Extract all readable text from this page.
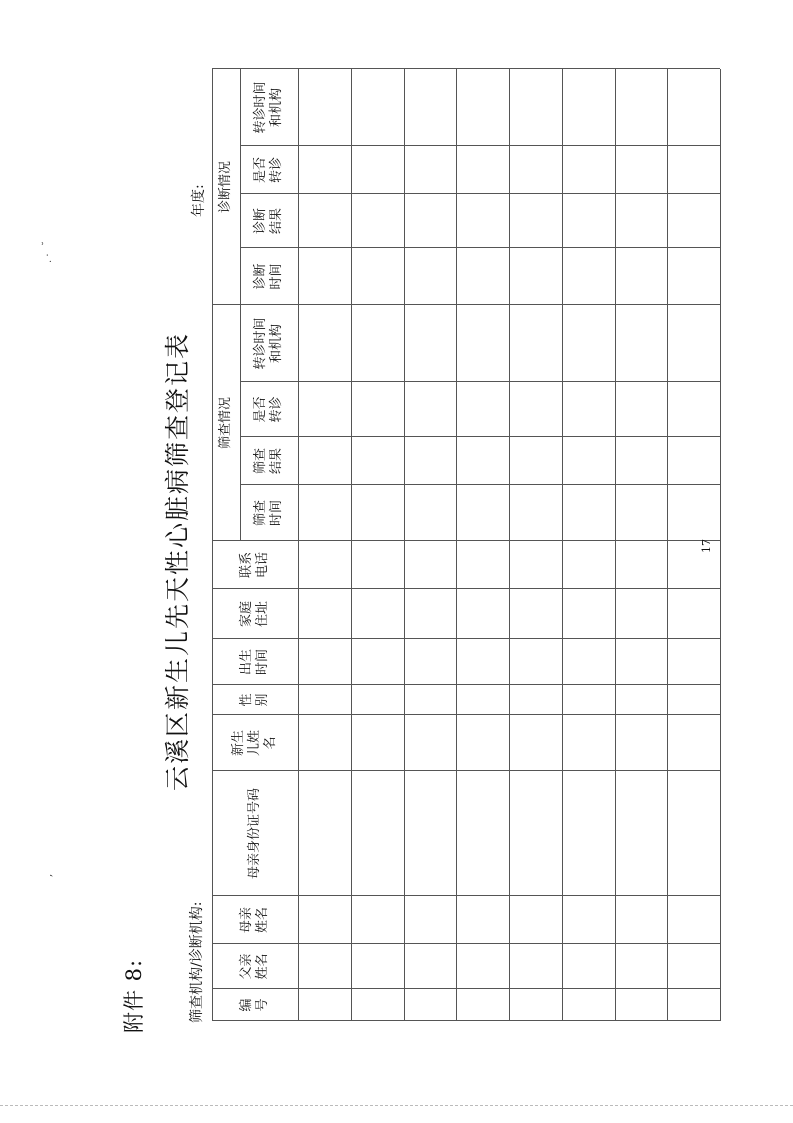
附件 8:
云溪区新生儿先天性心脏病筛查登记表
筛查机构/诊断机构:
年度:
编
号
父亲
姓名
母亲
姓名
母亲身份证号码
新生
儿姓
名
性
别
出生
时间
家庭
住址
联系
电话
筛查情况
筛查
时间
筛查
结果
是否
转诊
转诊时间
和机构
诊断情况
诊断
时间
诊断
结果
是否
转诊
转诊时间
和机构
17
,
. ·
˘
